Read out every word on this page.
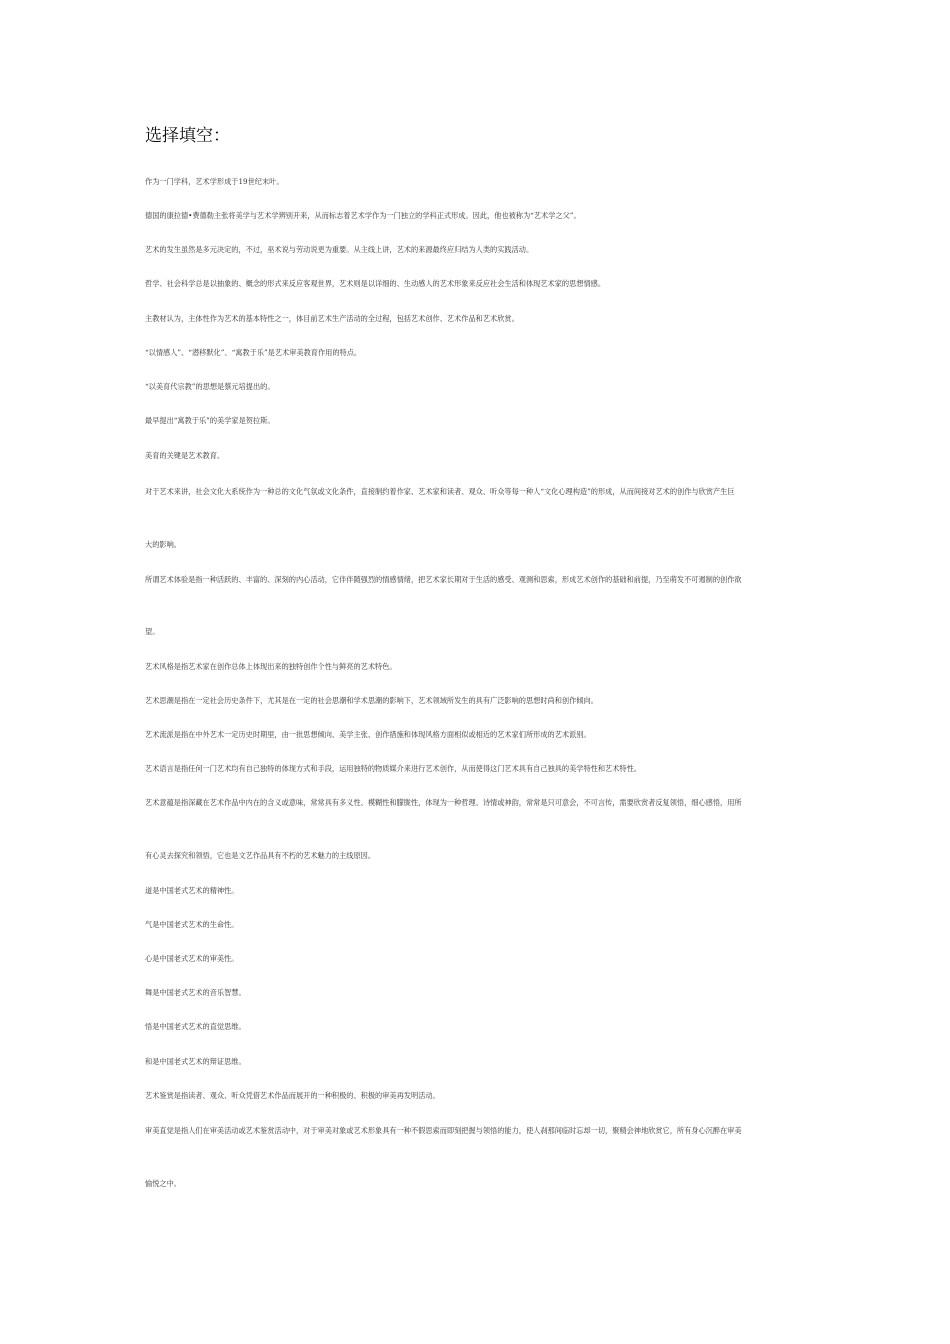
选择填空：

作为一门学科，艺术学形成于19世纪末叶。

德国的康拉德•费德勒主张将美学与艺术学辨别开来，从而标志着艺术学作为一门独立的学科正式形成。因此，他也被称为“艺术学之父”。

艺术的发生虽然是多元决定的，不过，巫术说与劳动说更为重要。从主线上讲，艺术的来源最终应归结为人类的实践活动。

哲学、社会科学总是以抽象的、概念的形式来反应客观世界，艺术则是以详细的、生动感人的艺术形象来反应社会生活和体现艺术家的思想情感。

主教材认为，主体性作为艺术的基本特性之一，体目前艺术生产活动的全过程，包括艺术创作、艺术作品和艺术欣赏。

“以情感人”、“潜移默化”、“寓教于乐”是艺术审美教育作用的特点。

“以美育代宗教”的思想是蔡元培提出的。

最早提出“寓教于乐”的美学家是贺拉斯。

美育的关键是艺术教育。

对于艺术来讲，社会文化大系统作为一种总的文化气氛或文化条件，直接制约着作家、艺术家和读者、观众、听众等每一种人“文化心理构造”的形成，从而间接对艺术的创作与欣赏产生巨

大的影响。

所谓艺术体验是指一种活跃的、丰富的、深刻的内心活动，它伴伴随强烈的情感情绪，把艺术家长期对于生活的感受、观测和思索，形成艺术创作的基础和前提，乃至萌发不可遏制的创作欲

望。

艺术风格是指艺术家在创作总体上体现出来的独特创作个性与鲜亮的艺术特色。

艺术思潮是指在一定社会历史条件下，尤其是在一定的社会思潮和学术思潮的影响下，艺术领域所发生的具有广泛影响的思想时尚和创作倾向。

艺术流派是指在中外艺术一定历史时期里，由一批思想倾向、美学主张、创作措施和体现风格方面相似或相近的艺术家们所形成的艺术派别。

艺术语言是指任何一门艺术均有自己独特的体现方式和手段，运用独特的物质媒介来进行艺术创作，从而使得这门艺术具有自己独具的美学特性和艺术特性。

艺术意蕴是指深藏在艺术作品中内在的含义或意味，常常具有多义性、模糊性和朦胧性，体现为一种哲理、诗情或神韵，常常是只可意会，不可言传，需要欣赏者反复领悟，细心感悟，用所

有心灵去探究和领悟，它也是文艺作品具有不朽的艺术魅力的主线原因。

道是中国老式艺术的精神性。

气是中国老式艺术的生命性。

心是中国老式艺术的审美性。

舞是中国老式艺术的音乐智慧。

悟是中国老式艺术的直觉思维。

和是中国老式艺术的辩证思维。

艺术鉴赏是指读者、观众、听众凭借艺术作品而展开的一种积极的、积极的审美再发明活动。

审美直觉是指人们在审美活动或艺术鉴赏活动中，对于审美对象或艺术形象具有一种不假思索而即刻把握与领悟的能力，使人刹那间临时忘却一切，聚精会神地欣赏它，所有身心沉醉在审美

愉悦之中。
